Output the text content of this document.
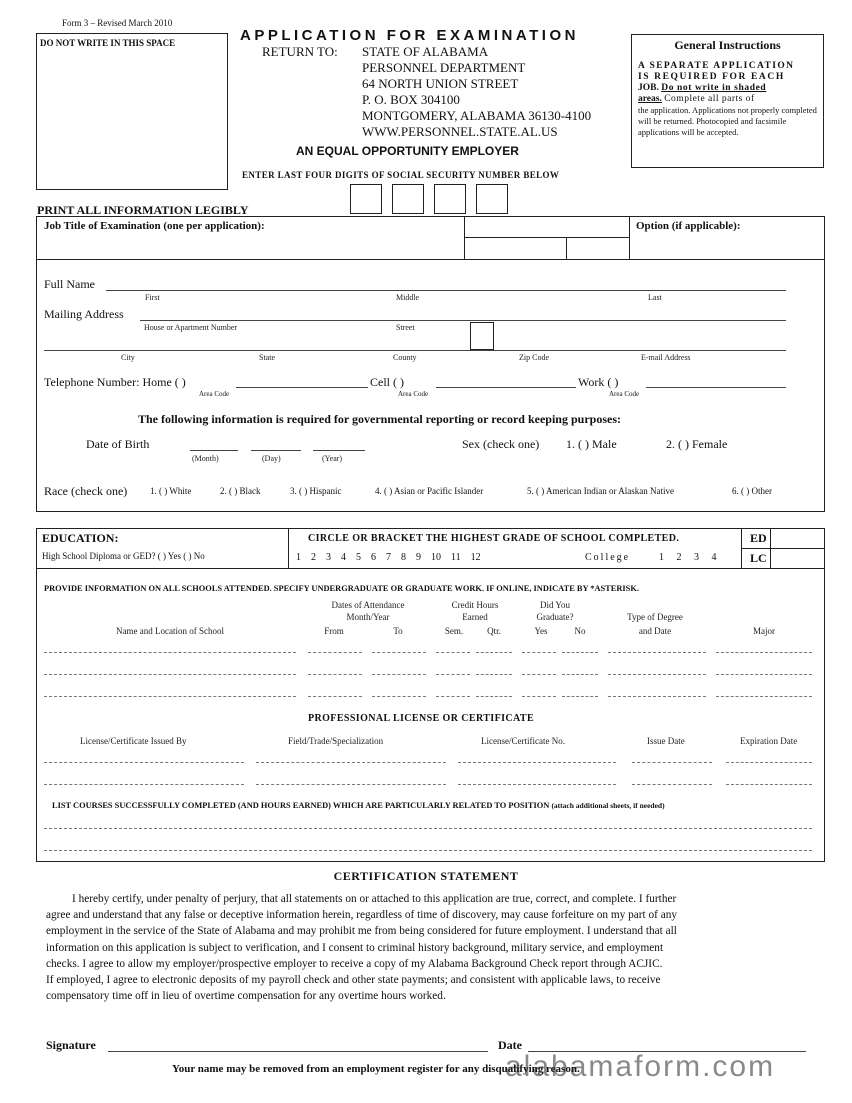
Form 3 – Revised March 2010
DO NOT WRITE IN THIS SPACE	APPLICATION FOR EXAMINATION
RETURN TO: STATE OF ALABAMA
PERSONNEL DEPARTMENT
64 NORTH UNION STREET
P. O. BOX 304100
MONTGOMERY, ALABAMA 36130-4100
WWW.PERSONNEL.STATE.AL.US
AN EQUAL OPPORTUNITY EMPLOYER
General Instructions
A SEPARATE APPLICATION
IS REQUIRED FOR EACH
JOB. Do not write in shaded
areas. Complete all parts of
the application. Applications not properly completed will be returned. Photocopied and facsimile applications will be accepted.
ENTER LAST FOUR DIGITS OF SOCIAL SECURITY NUMBER BELOW
PRINT ALL INFORMATION LEGIBLY
Job Title of Examination (one per application):	Option (if applicable):
Full Name
First	Middle	Last
Mailing Address
House or Apartment Number	Street
City	State	County	Zip Code	E-mail Address
Telephone Number: Home ( )	Cell ( )	Work ( )
Area Code	Area Code	Area Code
The following information is required for governmental reporting or record keeping purposes:
Date of Birth
(Month)	(Day)	(Year)
Sex (check one) 1. ( ) Male	2. ( ) Female
Race (check one)	1. ( ) White	2. ( ) Black	3. ( ) Hispanic	4. ( ) Asian or Pacific Islander	5. ( ) American Indian or Alaskan Native	6. ( ) Other
EDUCATION:
High School Diploma or GED? ( ) Yes ( ) No
CIRCLE OR BRACKET THE HIGHEST GRADE OF SCHOOL COMPLETED.
1    2    3    4    5    6    7    8    9    10    11    12	College	1     2     3     4
ED
LC
PROVIDE INFORMATION ON ALL SCHOOLS ATTENDED. SPECIFY UNDERGRADUATE OR GRADUATE WORK. IF ONLINE, INDICATE BY *ASTERISK.
Dates of Attendance
Month/Year
Credit Hours
Earned
Did You
Graduate?	Type of Degree
Name and Location of School	From	To	Sem.	Qtr.	Yes	No	and Date	Major
PROFESSIONAL LICENSE OR CERTIFICATE
License/Certificate Issued By	Field/Trade/Specialization	License/Certificate No.	Issue Date	Expiration Date
LIST COURSES SUCCESSFULLY COMPLETED (AND HOURS EARNED) WHICH ARE PARTICULARLY RELATED TO POSITION (attach additional sheets, if needed)
CERTIFICATION STATEMENT
I hereby certify, under penalty of perjury, that all statements on or attached to this application are true, correct, and complete. I further
agree and understand that any false or deceptive information herein, regardless of time of discovery, may cause forfeiture on my part of any
employment in the service of the State of Alabama and may prohibit me from being considered for future employment. I understand that all
information on this application is subject to verification, and I consent to criminal history background, military service, and employment
checks. I agree to allow my employer/prospective employer to receive a copy of my Alabama Background Check report through ACJIC.
If employed, I agree to electronic deposits of my payroll check and other state payments; and consistent with applicable laws, to receive
compensatory time off in lieu of overtime compensation for any overtime hours worked.
Signature	Date
Your name may be removed from an employment register for any disqualifying reason.
alabamaform.com
